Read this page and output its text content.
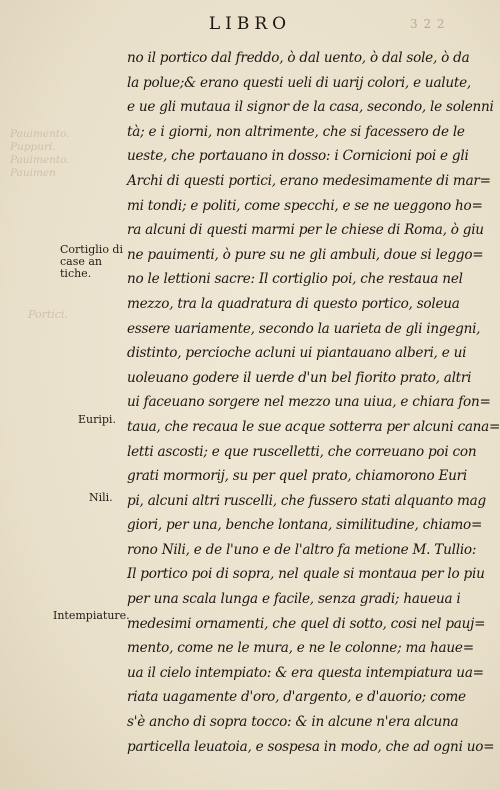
LIBRO	3 2 2
Pauimento.
Puppuri.
Pauimento.
Pauimen
Portici.
Cortiglio di case an tiche.
Euripi.
Nili.
Intempiature.
no il portico dal freddo, ò dal uento, ò dal sole, ò da
la polue;& erano questi ueli di uarij colori, e ualute,
e ue gli mutaua il signor de la casa, secondo, le solenni
tà; e i giorni, non altrimente, che si facessero de le
ueste, che portauano in dosso: i Cornicioni poi e gli
Archi di questi portici, erano medesimamente di mar=
mi tondi; e politi, come specchi, e se ne ueggono ho=
ra alcuni di questi marmi per le chiese di Roma, ò giu
ne pauimenti, ò pure su ne gli ambuli, doue si leggo=
no le lettioni sacre: Il cortiglio poi, che restaua nel
mezzo, tra la quadratura di questo portico, soleua
essere uariamente, secondo la uarieta de gli ingegni,
distinto, percioche acluni ui piantauano alberi, e ui
uoleuano godere il uerde d'un bel fiorito prato, altri
ui faceuano sorgere nel mezzo una uiua, e chiara fon=
taua, che recaua le sue acque sotterra per alcuni cana=
letti ascosti; e que ruscelletti, che correuano poi con
grati mormorij, su per quel prato, chiamorono Euri
pi, alcuni altri ruscelli, che fussero stati alquanto mag
giori, per una, benche lontana, similitudine, chiamo=
rono Nili, e de l'uno e de l'altro fa metione M. Tullio:
Il portico poi di sopra, nel quale si montaua per lo piu
per una scala lunga e facile, senza gradi; haueua i
medesimi ornamenti, che quel di sotto, cosi nel pauj=
mento, come ne le mura, e ne le colonne; ma haue=
ua il cielo intempiato: & era questa intempiatura ua=
riata uagamente d'oro, d'argento, e d'auorio; come
s'è ancho di sopra tocco: & in alcune n'era alcuna
particella leuatoia, e sospesa in modo, che ad ogni uo=
